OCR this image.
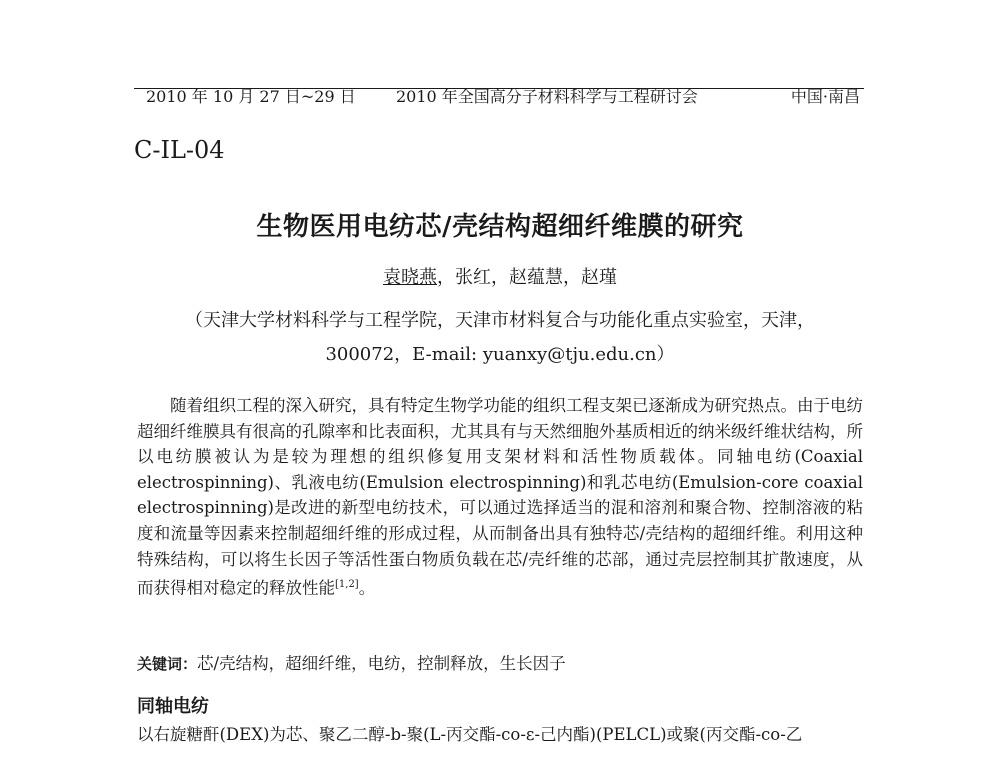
2010 年 10 月 27 日~29 日	2010 年全国高分子材料科学与工程研讨会	中国·南昌
C-IL-04
生物医用电纺芯/壳结构超细纤维膜的研究
袁晓燕，张红，赵蕴慧，赵瑾
（天津大学材料科学与工程学院，天津市材料复合与功能化重点实验室，天津，
300072，E-mail: yuanxy@tju.edu.cn）

随着组织工程的深入研究，具有特定生物学功能的组织工程支架已逐渐成为研究热点。由于电纺超细纤维膜具有很高的孔隙率和比表面积，尤其具有与天然细胞外基质相近的纳米级纤维状结构，所以电纺膜被认为是较为理想的组织修复用支架材料和活性物质载体。同轴电纺(Coaxial electrospinning)、乳液电纺(Emulsion electrospinning)和乳芯电纺(Emulsion-core coaxial electrospinning)是改进的新型电纺技术，可以通过选择适当的混和溶剂和聚合物、控制溶液的粘度和流量等因素来控制超细纤维的形成过程，从而制备出具有独特芯/壳结构的超细纤维。利用这种特殊结构，可以将生长因子等活性蛋白物质负载在芯/壳纤维的芯部，通过壳层控制其扩散速度，从而获得相对稳定的释放性能[1,2]。

关键词：芯/壳结构，超细纤维，电纺，控制释放，生长因子
同轴电纺

以右旋糖酐(DEX)为芯、聚乙二醇-b-聚(L-丙交酯-co-ε-己内酯)(PELCL)或聚(丙交酯-co-乙
